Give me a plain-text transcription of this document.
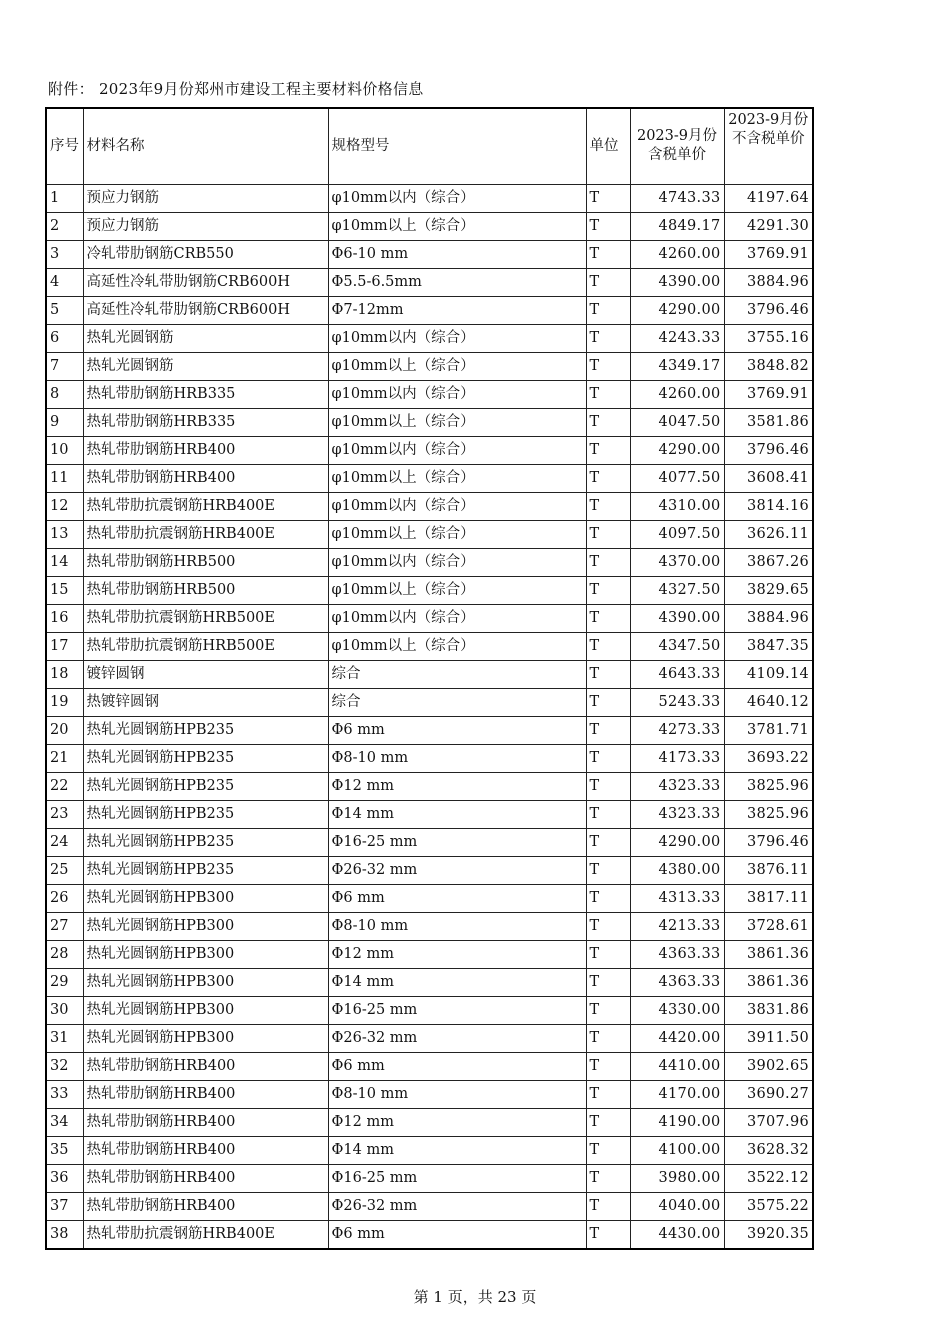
附件： 2023年9月份郑州市建设工程主要材料价格信息
序号	材料名称	规格型号	单位	2023-9月份含税单价	2023-9月份不含税单价
1	预应力钢筋	φ10mm以内（综合）	T	4743.33	4197.64
2	预应力钢筋	φ10mm以上（综合）	T	4849.17	4291.30
3	冷轧带肋钢筋CRB550	Φ6-10 mm	T	4260.00	3769.91
4	高延性冷轧带肋钢筋CRB600H	Φ5.5-6.5mm	T	4390.00	3884.96
5	高延性冷轧带肋钢筋CRB600H	Φ7-12mm	T	4290.00	3796.46
6	热轧光圆钢筋	φ10mm以内（综合）	T	4243.33	3755.16
7	热轧光圆钢筋	φ10mm以上（综合）	T	4349.17	3848.82
8	热轧带肋钢筋HRB335	φ10mm以内（综合）	T	4260.00	3769.91
9	热轧带肋钢筋HRB335	φ10mm以上（综合）	T	4047.50	3581.86
10	热轧带肋钢筋HRB400	φ10mm以内（综合）	T	4290.00	3796.46
11	热轧带肋钢筋HRB400	φ10mm以上（综合）	T	4077.50	3608.41
12	热轧带肋抗震钢筋HRB400E	φ10mm以内（综合）	T	4310.00	3814.16
13	热轧带肋抗震钢筋HRB400E	φ10mm以上（综合）	T	4097.50	3626.11
14	热轧带肋钢筋HRB500	φ10mm以内（综合）	T	4370.00	3867.26
15	热轧带肋钢筋HRB500	φ10mm以上（综合）	T	4327.50	3829.65
16	热轧带肋抗震钢筋HRB500E	φ10mm以内（综合）	T	4390.00	3884.96
17	热轧带肋抗震钢筋HRB500E	φ10mm以上（综合）	T	4347.50	3847.35
18	镀锌圆钢	综合	T	4643.33	4109.14
19	热镀锌圆钢	综合	T	5243.33	4640.12
20	热轧光圆钢筋HPB235	Φ6 mm	T	4273.33	3781.71
21	热轧光圆钢筋HPB235	Φ8-10 mm	T	4173.33	3693.22
22	热轧光圆钢筋HPB235	Φ12 mm	T	4323.33	3825.96
23	热轧光圆钢筋HPB235	Φ14 mm	T	4323.33	3825.96
24	热轧光圆钢筋HPB235	Φ16-25 mm	T	4290.00	3796.46
25	热轧光圆钢筋HPB235	Φ26-32 mm	T	4380.00	3876.11
26	热轧光圆钢筋HPB300	Φ6 mm	T	4313.33	3817.11
27	热轧光圆钢筋HPB300	Φ8-10 mm	T	4213.33	3728.61
28	热轧光圆钢筋HPB300	Φ12 mm	T	4363.33	3861.36
29	热轧光圆钢筋HPB300	Φ14 mm	T	4363.33	3861.36
30	热轧光圆钢筋HPB300	Φ16-25 mm	T	4330.00	3831.86
31	热轧光圆钢筋HPB300	Φ26-32 mm	T	4420.00	3911.50
32	热轧带肋钢筋HRB400	Φ6 mm	T	4410.00	3902.65
33	热轧带肋钢筋HRB400	Φ8-10 mm	T	4170.00	3690.27
34	热轧带肋钢筋HRB400	Φ12 mm	T	4190.00	3707.96
35	热轧带肋钢筋HRB400	Φ14 mm	T	4100.00	3628.32
36	热轧带肋钢筋HRB400	Φ16-25 mm	T	3980.00	3522.12
37	热轧带肋钢筋HRB400	Φ26-32 mm	T	4040.00	3575.22
38	热轧带肋抗震钢筋HRB400E	Φ6 mm	T	4430.00	3920.35
第 1 页，共 23 页
